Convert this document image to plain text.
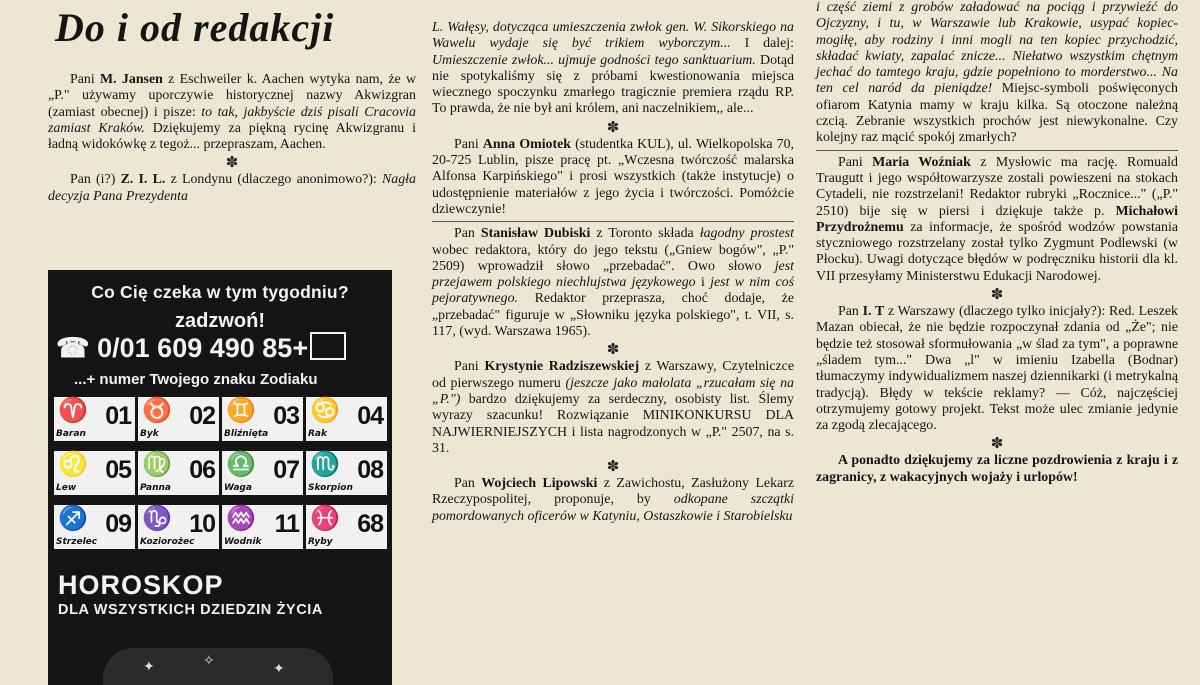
Do i od redakcji

Pani M. Jansen z Eschweiler k. Aachen wytyka nam, że w „P." używamy uporczywie historycznej nazwy Akwizgran (zamiast obecnej) i pisze: to tak, jakbyście dziś pisali Cracovia zamiast Kraków. Dziękujemy za piękną rycinę Akwizgranu i ładną widokówkę z tegoż... przepraszam, Aachen.

✽

Pan (i?) Z. I. L. z Londynu (dlaczego anonimowo?): Nagła decyzja Pana Prezydenta

Co Cię czeka w tym tygodniu?
zadzwoń!
☎ 0/01 609 490 85+
...+ numer Twojego znaku Zodiaku
♈
Baran
01 ♉
Byk
02 ♊
Bliźnięta
03 ♋
Rak
04
♌
Lew
05 ♍
Panna
06 ♎
Waga
07 ♏
Skorpion
08
♐
Strzelec
09 ♑
Koziorożec
10 ♒
Wodnik
11 ♓
Ryby
68
HOROSKOP
DLA WSZYSTKICH DZIEDZIN ŻYCIA
✦	✧	✦

L. Wałęsy, dotycząca umieszczenia zwłok gen. W. Sikorskiego na Wawelu wydaje się być trikiem wyborczym... I dalej: Umieszczenie zwłok... ujmuje godności tego sanktuarium. Dotąd nie spotykaliśmy się z próbami kwestionowania miejsca wiecznego spoczynku zmarłego tragicznie premiera rządu RP. To prawda, że nie był ani królem, ani naczelnikiem,, ale...

✽

Pani Anna Omiotek (studentka KUL), ul. Wielkopolska 70, 20-725 Lublin, pisze pracę pt. „Wczesna twórczość malarska Alfonsa Karpińskiego" i prosi wszystkich (także instytucje) o udostępnienie materiałów z jego życia i twórczości. Pomóżcie dziewczynie!

Pan Stanisław Dubiski z Toronto składa łagodny prostest wobec redaktora, który do jego tekstu („Gniew bogów", „P." 2509) wprowadził słowo „przebadać". Owo słowo jest przejawem polskiego niechlujstwa językowego i jest w nim coś pejoratywnego. Redaktor przeprasza, choć dodaje, że „przebadać" figuruje w „Słowniku języka polskiego", t. VII, s. 117, (wyd. Warszawa 1965).

✽

Pani Krystynie Radziszewskiej z Warszawy, Czytelniczce od pierwszego numeru (jeszcze jako małolata „rzucałam się na „P.") bardzo dziękujemy za serdeczny, osobisty list. Ślemy wyrazy szacunku! Rozwiązanie MINIKONKURSU DLA NAJWIERNIEJSZYCH i lista nagrodzonych w „P." 2507, na s. 31.

✽

Pan Wojciech Lipowski z Zawichostu, Zasłużony Lekarz Rzeczypospolitej, proponuje, by odkopane szczątki pomordowanych oficerów w Katyniu, Ostaszkowie i Starobielsku

i część ziemi z grobów załadować na pociąg i przywieźć do Ojczyzny, i tu, w Warszawie lub Krakowie, usypać kopiec-mogiłę, aby rodziny i inni mogli na ten kopiec przychodzić, składać kwiaty, zapalać znicze... Niełatwo wszystkim chętnym jechać do tamtego kraju, gdzie popełniono to morderstwo... Na ten cel naród da pieniądze! Miejsc-symboli poświęconych ofiarom Katynia mamy w kraju kilka. Są otoczone należną czcią. Zebranie wszystkich prochów jest niewykonalne. Czy kolejny raz mącić spokój zmarłych?

Pani Maria Woźniak z Mysłowic ma rację. Romuald Traugutt i jego współtowarzysze zostali powieszeni na stokach Cytadeli, nie rozstrzelani! Redaktor rubryki „Rocznice..." („P." 2510) bije się w piersi i dziękuje także p. Michałowi Przydrożnemu za informacje, że spośród wodzów powstania styczniowego rozstrzelany został tylko Zygmunt Podlewski (w Płocku). Uwagi dotyczące błędów w podręczniku historii dla kl. VII przesyłamy Ministerstwu Edukacji Narodowej.

✽

Pan I. T z Warszawy (dlaczego tylko inicjały?): Red. Leszek Mazan obiecał, że nie będzie rozpoczynał zdania od „Że"; nie będzie też stosował sformułowania „w ślad za tym", a poprawne „śladem tym..." Dwa „l" w imieniu Izabella (Bodnar) tłumaczymy indywidualizmem naszej dziennikarki (i metrykalną tradycją). Błędy w tekście reklamy? — Cóż, najczęściej otrzymujemy gotowy projekt. Tekst może ulec zmianie jedynie za zgodą zlecającego.

✽

A ponadto dziękujemy za liczne pozdrowienia z kraju i z zagranicy, z wakacyjnych wojaży i urlopów!
